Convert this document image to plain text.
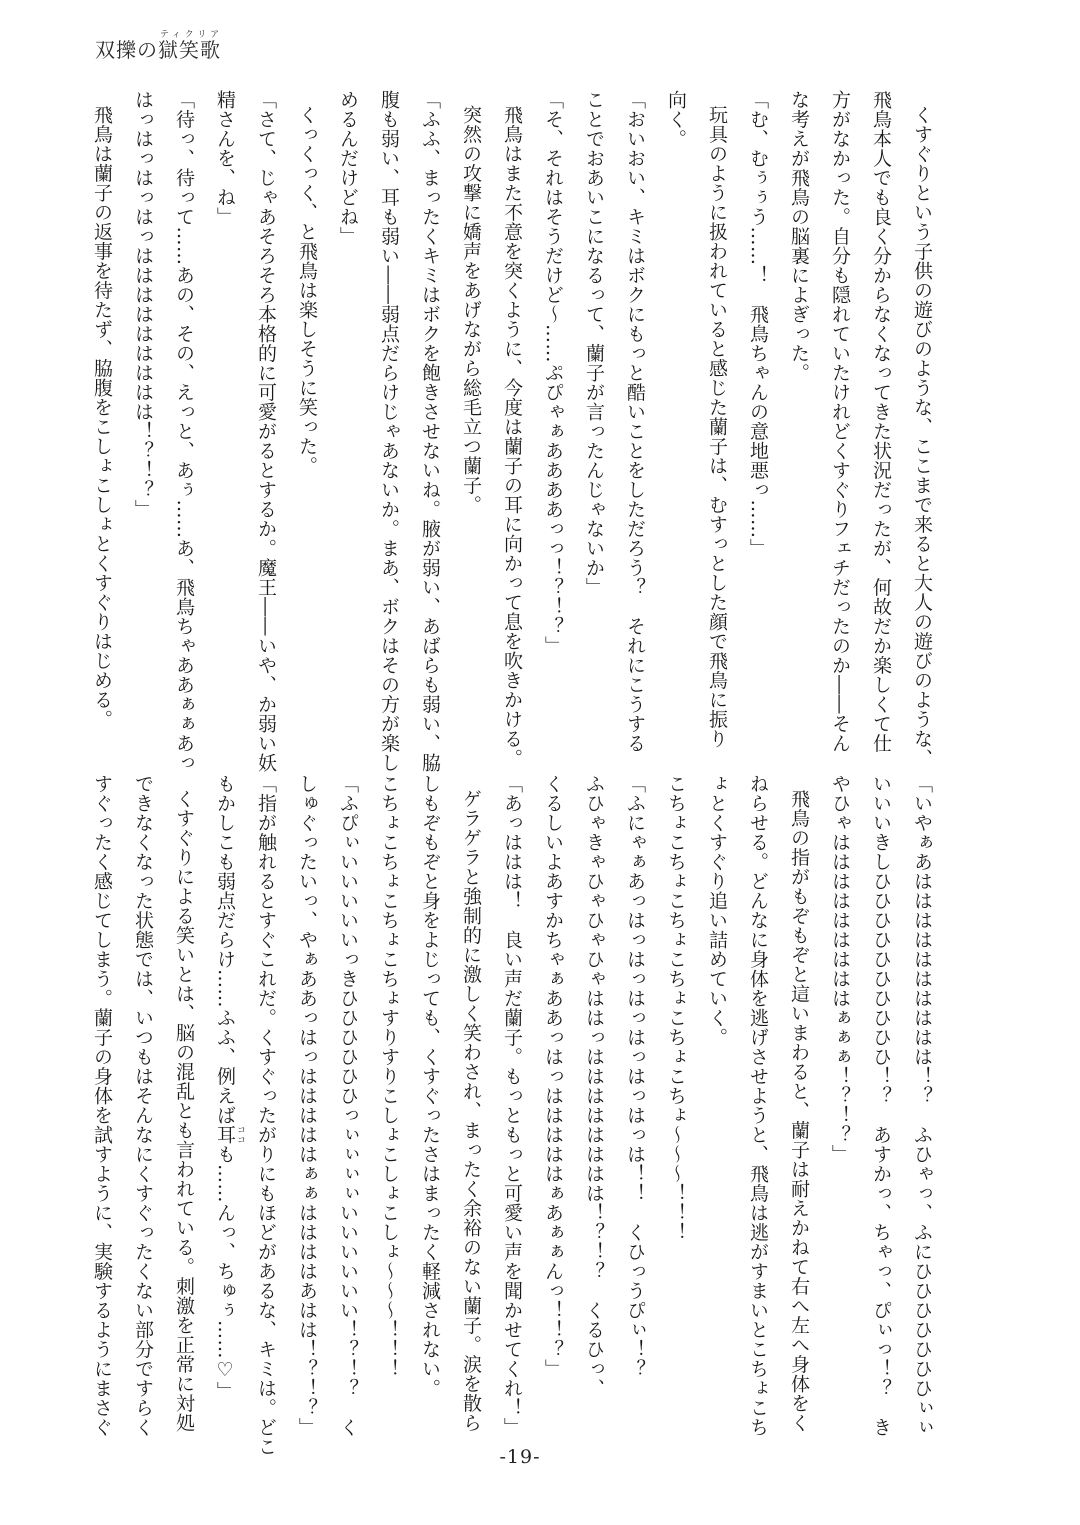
双擽の獄笑歌ティクリア
くすぐりという子供の遊びのような、ここまで来ると大人の遊びのような、
飛鳥本人でも良く分からなくなってきた状況だったが、何故だか楽しくて仕
方がなかった。自分も隠れていたけれどくすぐりフェチだったのか――そん
な考えが飛鳥の脳裏によぎった。
「む、むぅぅう……！　飛鳥ちゃんの意地悪っ……」
玩具のように扱われていると感じた蘭子は、むすっとした顔で飛鳥に振り
向く。
「おいおい、キミはボクにもっと酷いことをしただろう？　それにこうする
ことでおあいこになるって、蘭子が言ったんじゃないか」
「そ、それはそうだけど～……ぷぴゃぁああああっっ！？！？」
飛鳥はまた不意を突くように、今度は蘭子の耳に向かって息を吹きかける。
突然の攻撃に嬌声をあげながら総毛立つ蘭子。
「ふふ、まったくキミはボクを飽きさせないね。腋が弱い、あばらも弱い、脇
腹も弱い、耳も弱い――弱点だらけじゃあないか。まあ、ボクはその方が楽し
めるんだけどね」
くっくっく、と飛鳥は楽しそうに笑った。
「さて、じゃあそろそろ本格的に可愛がるとするか。魔王――いや、か弱い妖
精さんを、ね」
「待っ、待って……あの、その、えっと、あぅ……あ、飛鳥ちゃああぁぁあっ
はっはっはっはっははははははははは！？！？」
飛鳥は蘭子の返事を待たず、脇腹をこしょこしょとくすぐりはじめる。
「いやぁあはははははははははは！？　ふひゃっ、ふにひひひひひひひぃぃ
いいいきしひひひひひひひひひひ！？　あすかっ、ちゃっ、ぴぃっ！？　き
やひゃはははははははははぁぁぁ！？！？」
飛鳥の指がもぞもぞと這いまわると、蘭子は耐えかねて右へ左へ身体をく
ねらせる。どんなに身体を逃げさせようと、飛鳥は逃がすまいとこちょこち
ょとくすぐり追い詰めていく。
こちょこちょこちょこちょこちょこちょ～～～！！！
「ふにゃぁあっはっはっはっはっはっはっは！！　くひっうぴぃ！？
ふひゃきゃひゃひゃひゃははっはははははははは！？！？　くるひっ、
くるしいよあすかちゃぁああっはっはははははぁあぁぁんっ！！？」
「あっははは！　良い声だ蘭子。もっともっと可愛い声を聞かせてくれ！」
ゲラゲラと強制的に激しく笑わされ、まったく余裕のない蘭子。涙を散ら
しもぞもぞと身をよじっても、くすぐったさはまったく軽減されない。
こちょこちょこちょこちょすりすりこしょこしょこしょ～～～！！！
「ふぴぃいいいいいっきひひひひひひっぃぃぃぃいいいいいい！？！？　く
しゅぐったいっ、やぁああっはっはははははぁぁははははあはは！？！？」
「指が触れるとすぐこれだ。くすぐったがりにもほどがあるな、キミは。どこ
もかしこも弱点だらけ……ふふ、例えば耳 ココも……んっ、ちゅぅ……♡」
くすぐりによる笑いとは、脳の混乱とも言われている。刺激を正常に対処
できなくなった状態では、いつもはそんなにくすぐったくない部分ですらく
すぐったく感じてしまう。蘭子の身体を試すように、実験するようにまさぐ
-19-
